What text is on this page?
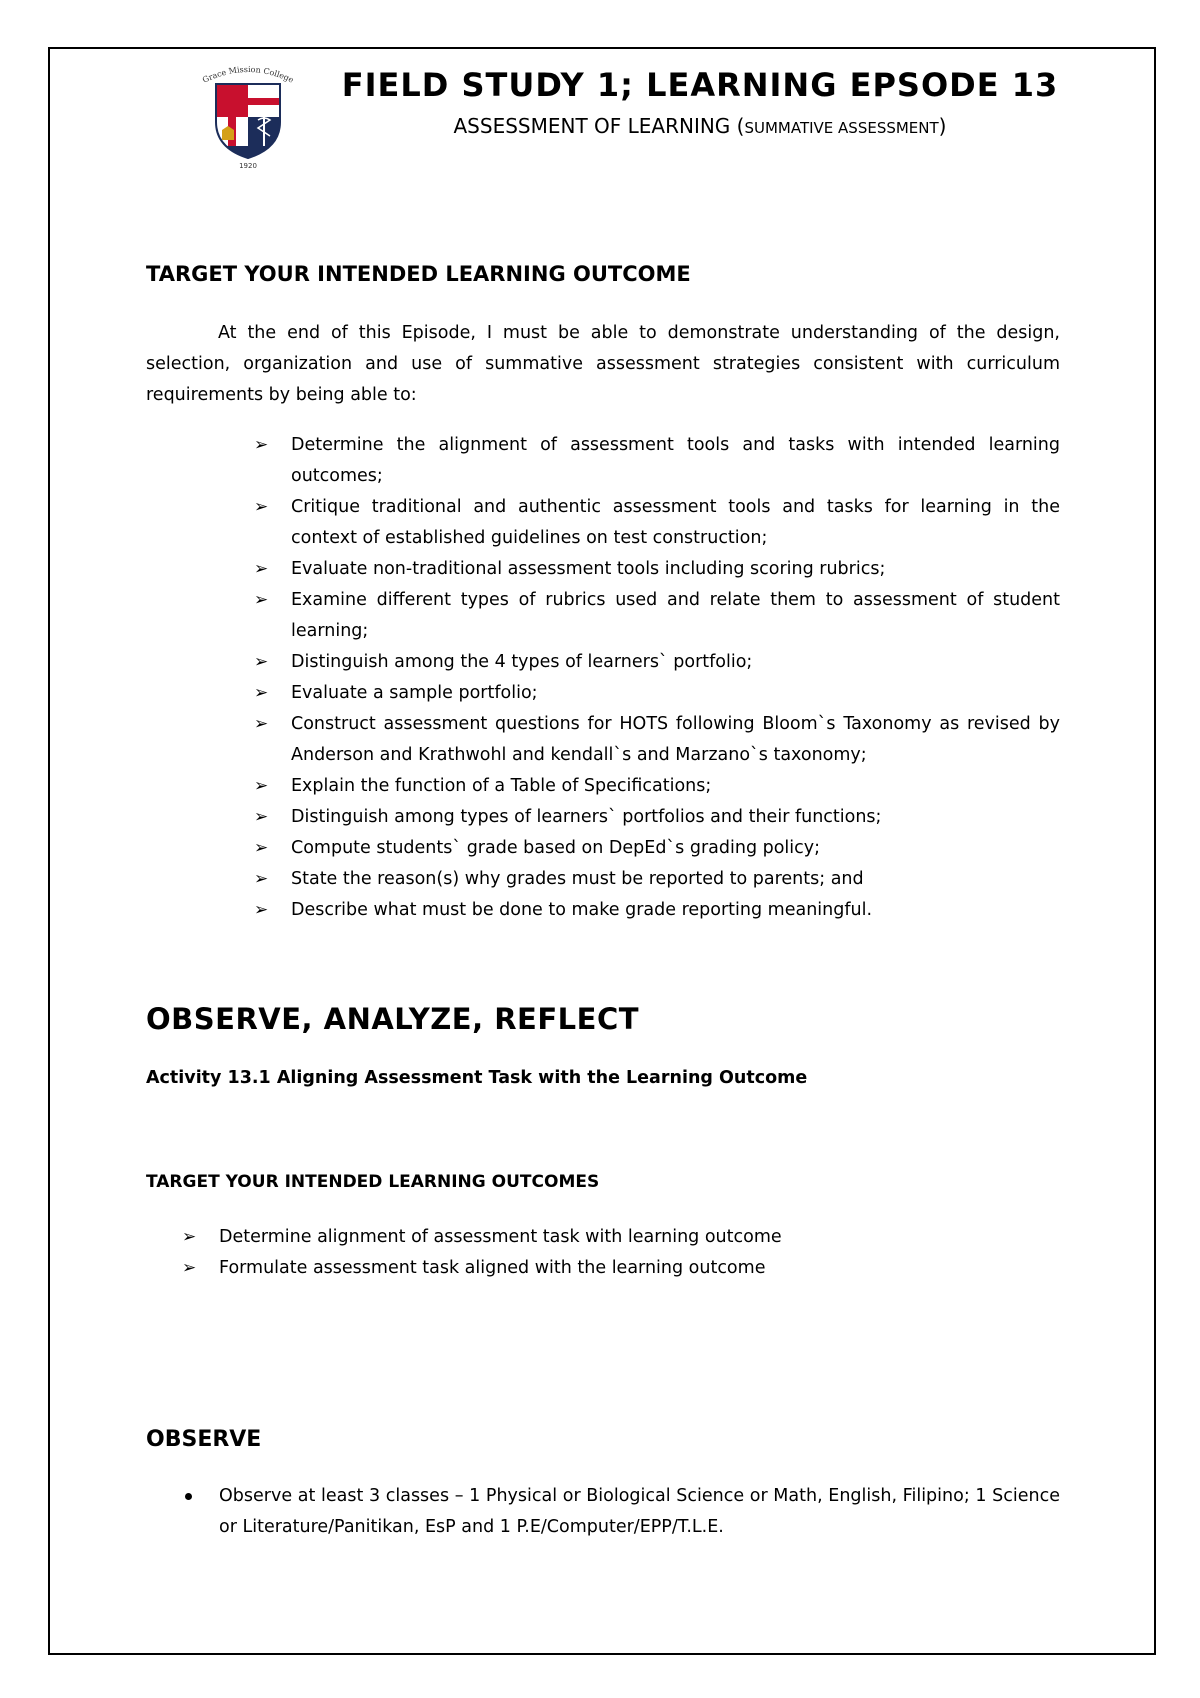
Grace Mission College
1920
FIELD STUDY 1; LEARNING EPSODE 13
ASSESSMENT OF LEARNING (SUMMATIVE ASSESSMENT)
TARGET YOUR INTENDED LEARNING OUTCOME

At the end of this Episode, I must be able to demonstrate understanding of the design, selection, organization and use of summative assessment strategies consistent with curriculum requirements by being able to:

➢ Determine the alignment of assessment tools and tasks with intended learning outcomes;
➢ Critique traditional and authentic assessment tools and tasks for learning in the context of established guidelines on test construction;
➢ Evaluate non-traditional assessment tools including scoring rubrics;
➢ Examine different types of rubrics used and relate them to assessment of student learning;
➢ Distinguish among the 4 types of learners` portfolio;
➢ Evaluate a sample portfolio;
➢ Construct assessment questions for HOTS following Bloom`s Taxonomy as revised by Anderson and Krathwohl and kendall`s and Marzano`s taxonomy;
➢ Explain the function of a Table of Specifications;
➢ Distinguish among types of learners` portfolios and their functions;
➢ Compute students` grade based on DepEd`s grading policy;
➢ State the reason(s) why grades must be reported to parents; and
➢ Describe what must be done to make grade reporting meaningful.
OBSERVE, ANALYZE, REFLECT

Activity 13.1 Aligning Assessment Task with the Learning Outcome

TARGET YOUR INTENDED LEARNING OUTCOMES
➢ Determine alignment of assessment task with learning outcome
➢ Formulate assessment task aligned with the learning outcome
OBSERVE
Observe at least 3 classes – 1 Physical or Biological Science or Math, English, Filipino; 1 Science or Literature/Panitikan, EsP and 1 P.E/Computer/EPP/T.L.E.
